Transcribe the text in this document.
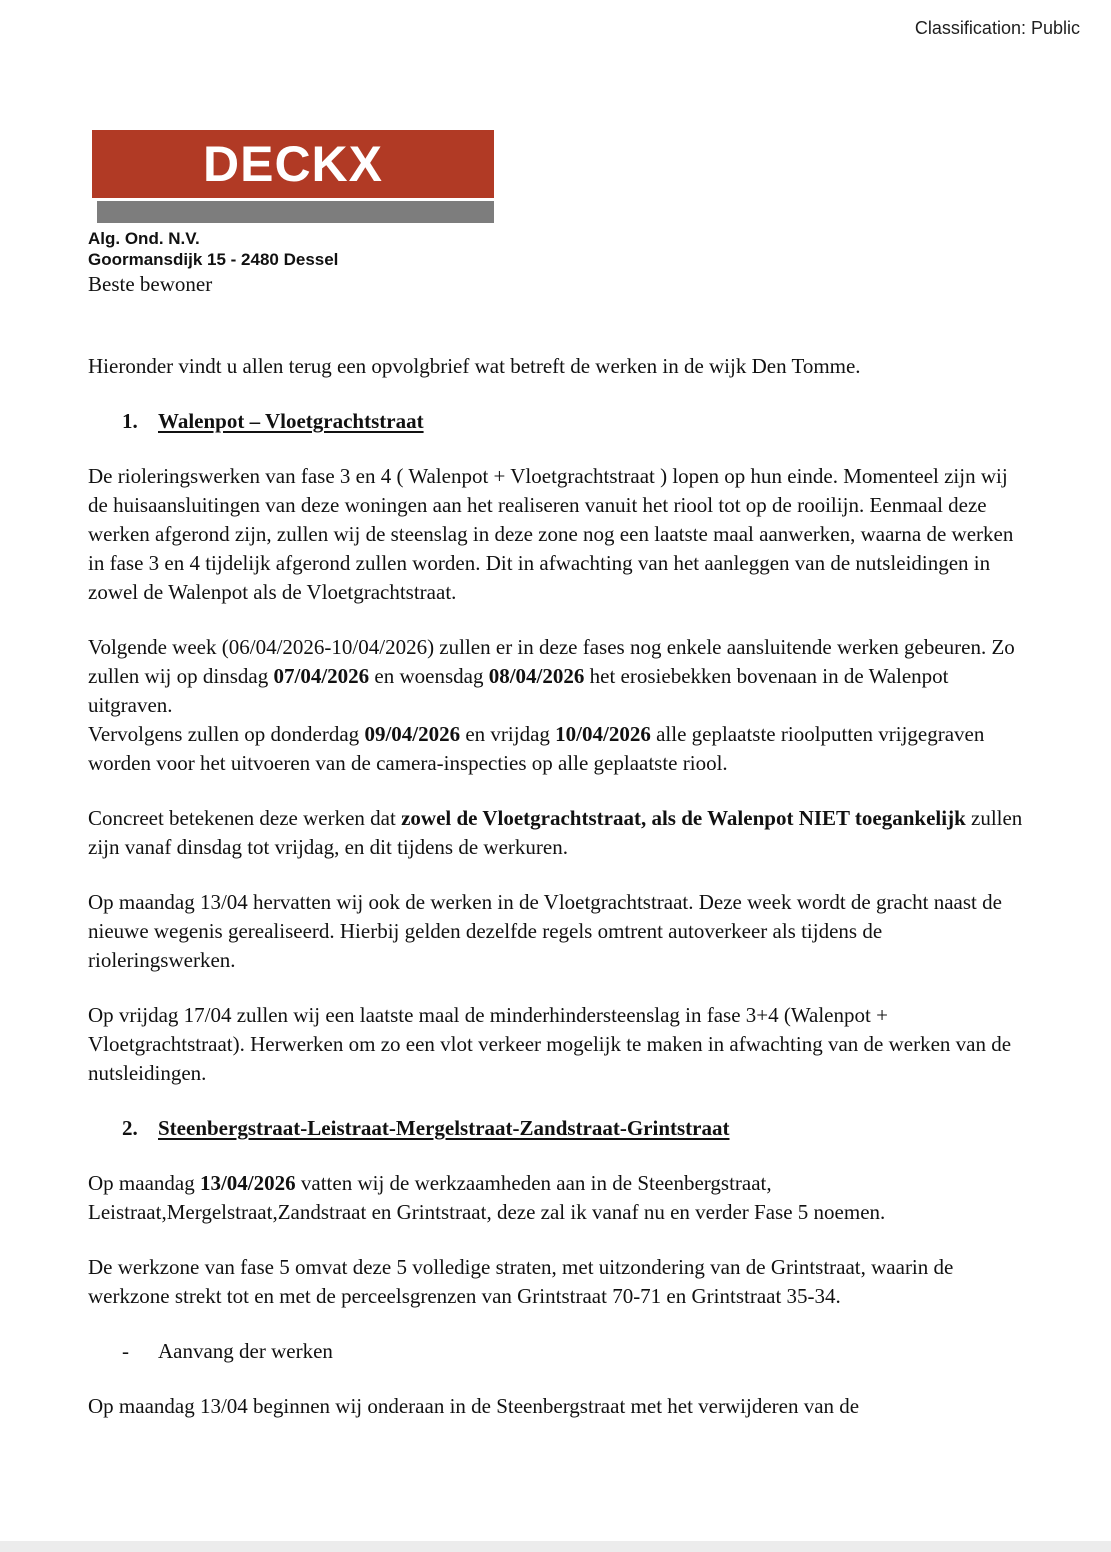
Classification: Public
DECKX
Alg. Ond. N.V.
Goormansdijk 15 - 2480 Dessel
Beste bewoner

Hieronder vindt u allen terug een opvolgbrief wat betreft de werken in de wijk Den Tomme.

1. Walenpot – Vloetgrachtstraat

De rioleringswerken van fase 3 en 4 ( Walenpot + Vloetgrachtstraat ) lopen op hun einde. Momenteel zijn wij de huisaansluitingen van deze woningen aan het realiseren vanuit het riool tot op de rooilijn. Eenmaal deze werken afgerond zijn, zullen wij de steenslag in deze zone nog een laatste maal aanwerken, waarna de werken in fase 3 en 4 tijdelijk afgerond zullen worden. Dit in afwachting van het aanleggen van de nutsleidingen in zowel de Walenpot als de Vloetgrachtstraat.

Volgende week (06/04/2026-10/04/2026) zullen er in deze fases nog enkele aansluitende werken gebeuren. Zo zullen wij op dinsdag 07/04/2026 en woensdag 08/04/2026 het erosiebekken bovenaan in de Walenpot uitgraven.
Vervolgens zullen op donderdag 09/04/2026 en vrijdag 10/04/2026 alle geplaatste rioolputten vrijgegraven worden voor het uitvoeren van de camera-inspecties op alle geplaatste riool.

Concreet betekenen deze werken dat zowel de Vloetgrachtstraat, als de Walenpot NIET toegankelijk zullen zijn vanaf dinsdag tot vrijdag, en dit tijdens de werkuren.

Op maandag 13/04 hervatten wij ook de werken in de Vloetgrachtstraat. Deze week wordt de gracht naast de nieuwe wegenis gerealiseerd. Hierbij gelden dezelfde regels omtrent autoverkeer als tijdens de rioleringswerken.

Op vrijdag 17/04 zullen wij een laatste maal de minderhindersteenslag in fase 3+4 (Walenpot + Vloetgrachtstraat). Herwerken om zo een vlot verkeer mogelijk te maken in afwachting van de werken van de nutsleidingen.

2. Steenbergstraat-Leistraat-Mergelstraat-Zandstraat-Grintstraat

Op maandag 13/04/2026 vatten wij de werkzaamheden aan in de Steenbergstraat, Leistraat,Mergelstraat,Zandstraat en Grintstraat, deze zal ik vanaf nu en verder Fase 5 noemen.

De werkzone van fase 5 omvat deze 5 volledige straten, met uitzondering van de Grintstraat, waarin de werkzone strekt tot en met de perceelsgrenzen van Grintstraat 70-71 en Grintstraat 35-34.

- Aanvang der werken

Op maandag 13/04 beginnen wij onderaan in de Steenbergstraat met het verwijderen van de
